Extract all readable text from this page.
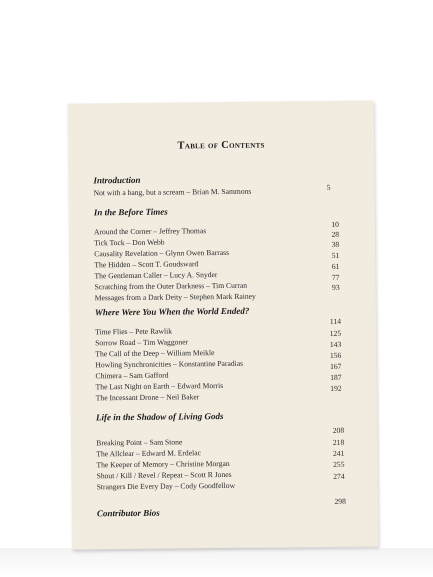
Table of Contents
Introduction
Not with a bang, but a scream – Brian M. Sammons	5
In the Before Times
Around the Corner – Jeffrey Thomas
10
Tick Tock – Don Webb
28
Causality Revelation – Glynn Owen Barrass
38
The Hidden – Scott T. Goudsward
51
The Gentleman Caller – Lucy A. Snyder
61
Scratching from the Outer Darkness – Tim Curran
77
Messages from a Dark Deity – Stephen Mark Rainey
93
Where Were You When the World Ended?
Time Flies – Pete Rawlik
114
Sorrow Road – Tim Waggoner
125
The Call of the Deep – William Meikle
143
Howling Synchronicities – Konstantine Paradias
156
Chimera – Sam Gafford
167
The Last Night on Earth – Edward Morris
187
The Incessant Drone – Neil Baker
192
Life in the Shadow of Living Gods
Breaking Point – Sam Stone
208
The Allclear – Edward M. Erdelac
218
The Keeper of Memory – Christine Morgan
241
Shout / Kill / Revel / Repeat – Scott R Jones
255
Strangers Die Every Day – Cody Goodfellow
274
298
Contributor Bios
